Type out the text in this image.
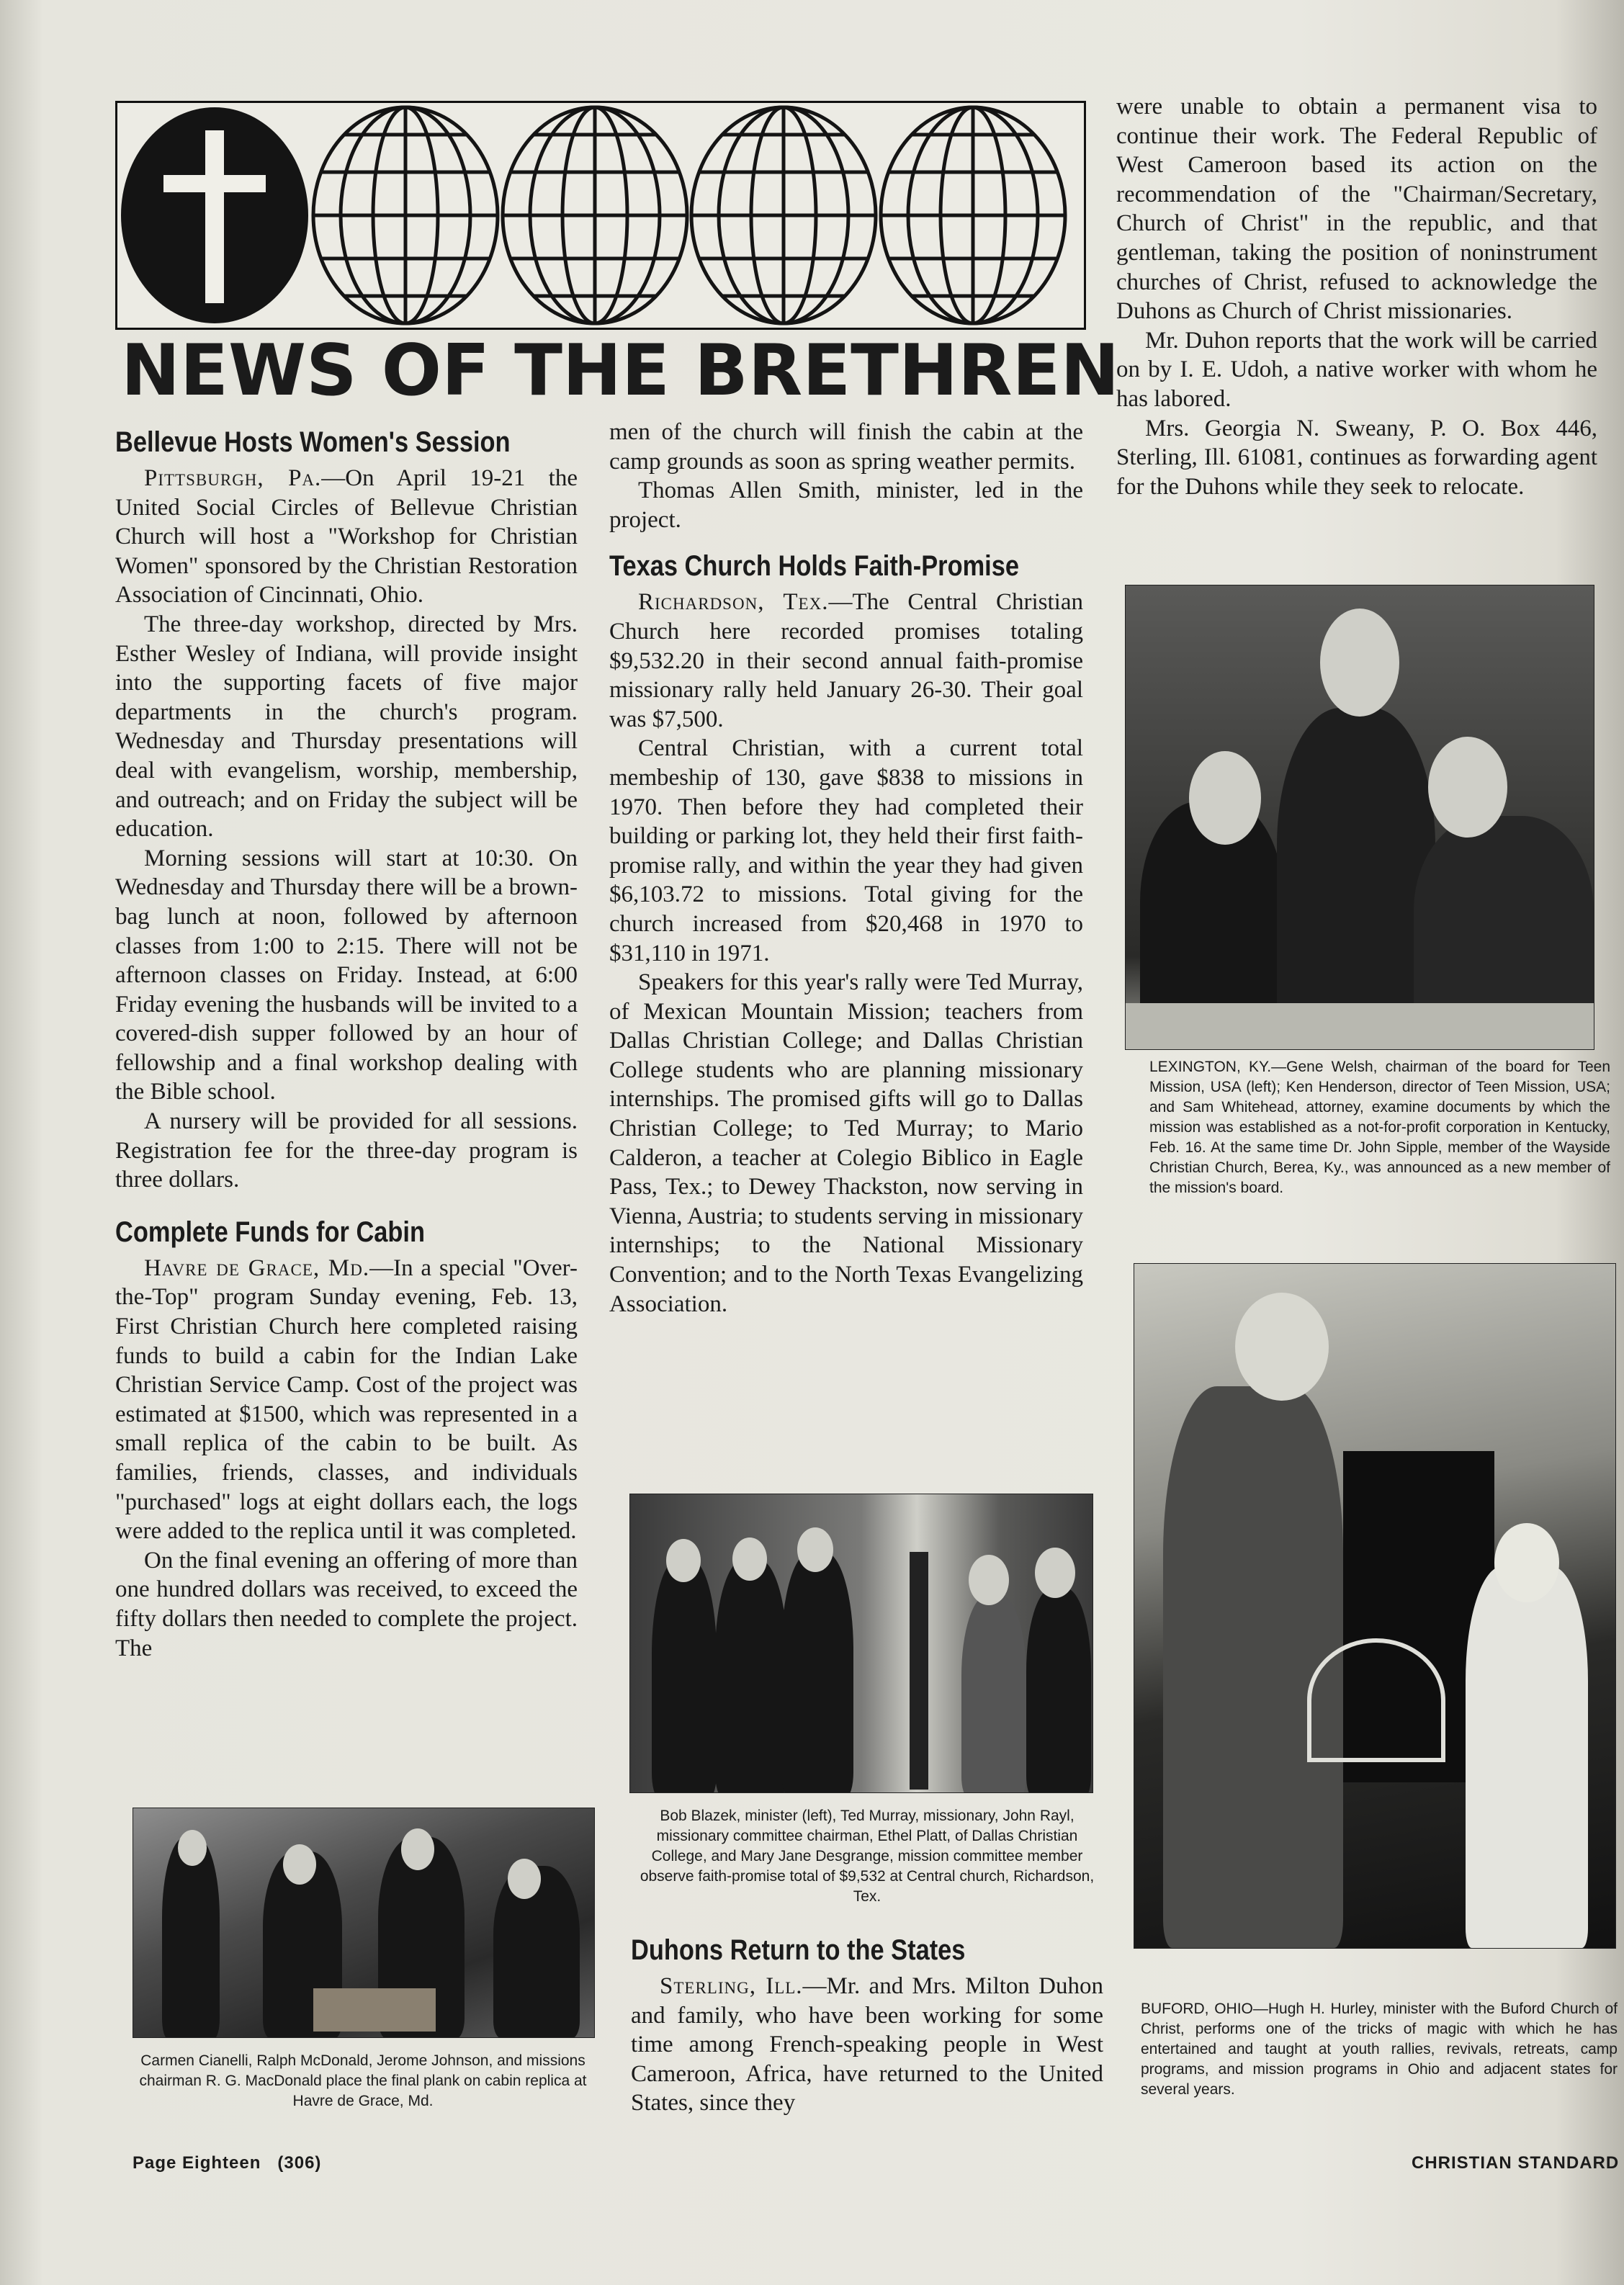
NEWS OF THE BRETHREN
Bellevue Hosts Women's Session

Pittsburgh, Pa.—On April 19-21 the United Social Circles of Bellevue Christian Church will host a "Workshop for Christian Women" sponsored by the Christian Restoration Association of Cincinnati, Ohio.

The three-day workshop, directed by Mrs. Esther Wesley of Indiana, will provide insight into the supporting facets of five major departments in the church's program. Wednesday and Thursday presentations will deal with evangelism, worship, membership, and outreach; and on Friday the subject will be education.

Morning sessions will start at 10:30. On Wednesday and Thursday there will be a brown-bag lunch at noon, followed by afternoon classes from 1:00 to 2:15. There will not be afternoon classes on Friday. Instead, at 6:00 Friday evening the husbands will be invited to a covered-dish supper followed by an hour of fellowship and a final workshop dealing with the Bible school.

A nursery will be provided for all sessions. Registration fee for the three-day program is three dollars.

Complete Funds for Cabin

Havre de Grace, Md.—In a special "Over-the-Top" program Sunday evening, Feb. 13, First Christian Church here completed raising funds to build a cabin for the Indian Lake Christian Service Camp. Cost of the project was estimated at $1500, which was represented in a small replica of the cabin to be built. As families, friends, classes, and individuals "purchased" logs at eight dollars each, the logs were added to the replica until it was completed.

On the final evening an offering of more than one hundred dollars was received, to exceed the fifty dollars then needed to complete the project. The

Carmen Cianelli, Ralph McDonald, Jerome Johnson, and missions chairman R. G. MacDonald place the final plank on cabin replica at Havre de Grace, Md.

men of the church will finish the cabin at the camp grounds as soon as spring weather permits.

Thomas Allen Smith, minister, led in the project.

Texas Church Holds Faith-Promise

Richardson, Tex.—The Central Christian Church here recorded promises totaling $9,532.20 in their second annual faith-promise missionary rally held January 26-30. Their goal was $7,500.

Central Christian, with a current total membeship of 130, gave $838 to missions in 1970. Then before they had completed their building or parking lot, they held their first faith-promise rally, and within the year they had given $6,103.72 to missions. Total giving for the church increased from $20,468 in 1970 to $31,110 in 1971.

Speakers for this year's rally were Ted Murray, of Mexican Mountain Mission; teachers from Dallas Christian College; and Dallas Christian College students who are planning missionary internships. The promised gifts will go to Dallas Christian College; to Ted Murray; to Mario Calderon, a teacher at Colegio Biblico in Eagle Pass, Tex.; to Dewey Thackston, now serving in Vienna, Austria; to students serving in missionary internships; to the National Missionary Convention; and to the North Texas Evangelizing Association.

Bob Blazek, minister (left), Ted Murray, missionary, John Rayl, missionary committee chairman, Ethel Platt, of Dallas Christian College, and Mary Jane Desgrange, mission committee member observe faith-promise total of $9,532 at Central church, Richardson, Tex.

Duhons Return to the States

Sterling, Ill.—Mr. and Mrs. Milton Duhon and family, who have been working for some time among French-speaking people in West Cameroon, Africa, have returned to the United States, since they

were unable to obtain a permanent visa to continue their work. The Federal Republic of West Cameroon based its action on the recommendation of the "Chairman/Secretary, Church of Christ" in the republic, and that gentleman, taking the position of noninstrument churches of Christ, refused to acknowledge the Duhons as Church of Christ missionaries.

Mr. Duhon reports that the work will be carried on by I. E. Udoh, a native worker with whom he has labored.

Mrs. Georgia N. Sweany, P. O. Box 446, Sterling, Ill. 61081, continues as forwarding agent for the Duhons while they seek to relocate.

LEXINGTON, KY.—Gene Welsh, chairman of the board for Teen Mission, USA (left); Ken Henderson, director of Teen Mission, USA; and Sam Whitehead, attorney, examine documents by which the mission was established as a not-for-profit corporation in Kentucky, Feb. 16. At the same time Dr. John Sipple, member of the Wayside Christian Church, Berea, Ky., was announced as a new member of the mission's board.

BUFORD, OHIO—Hugh H. Hurley, minister with the Buford Church of Christ, performs one of the tricks of magic with which he has entertained and taught at youth rallies, revivals, retreats, camp programs, and mission programs in Ohio and adjacent states for several years.

Page Eighteen   (306)	CHRISTIAN STANDARD
